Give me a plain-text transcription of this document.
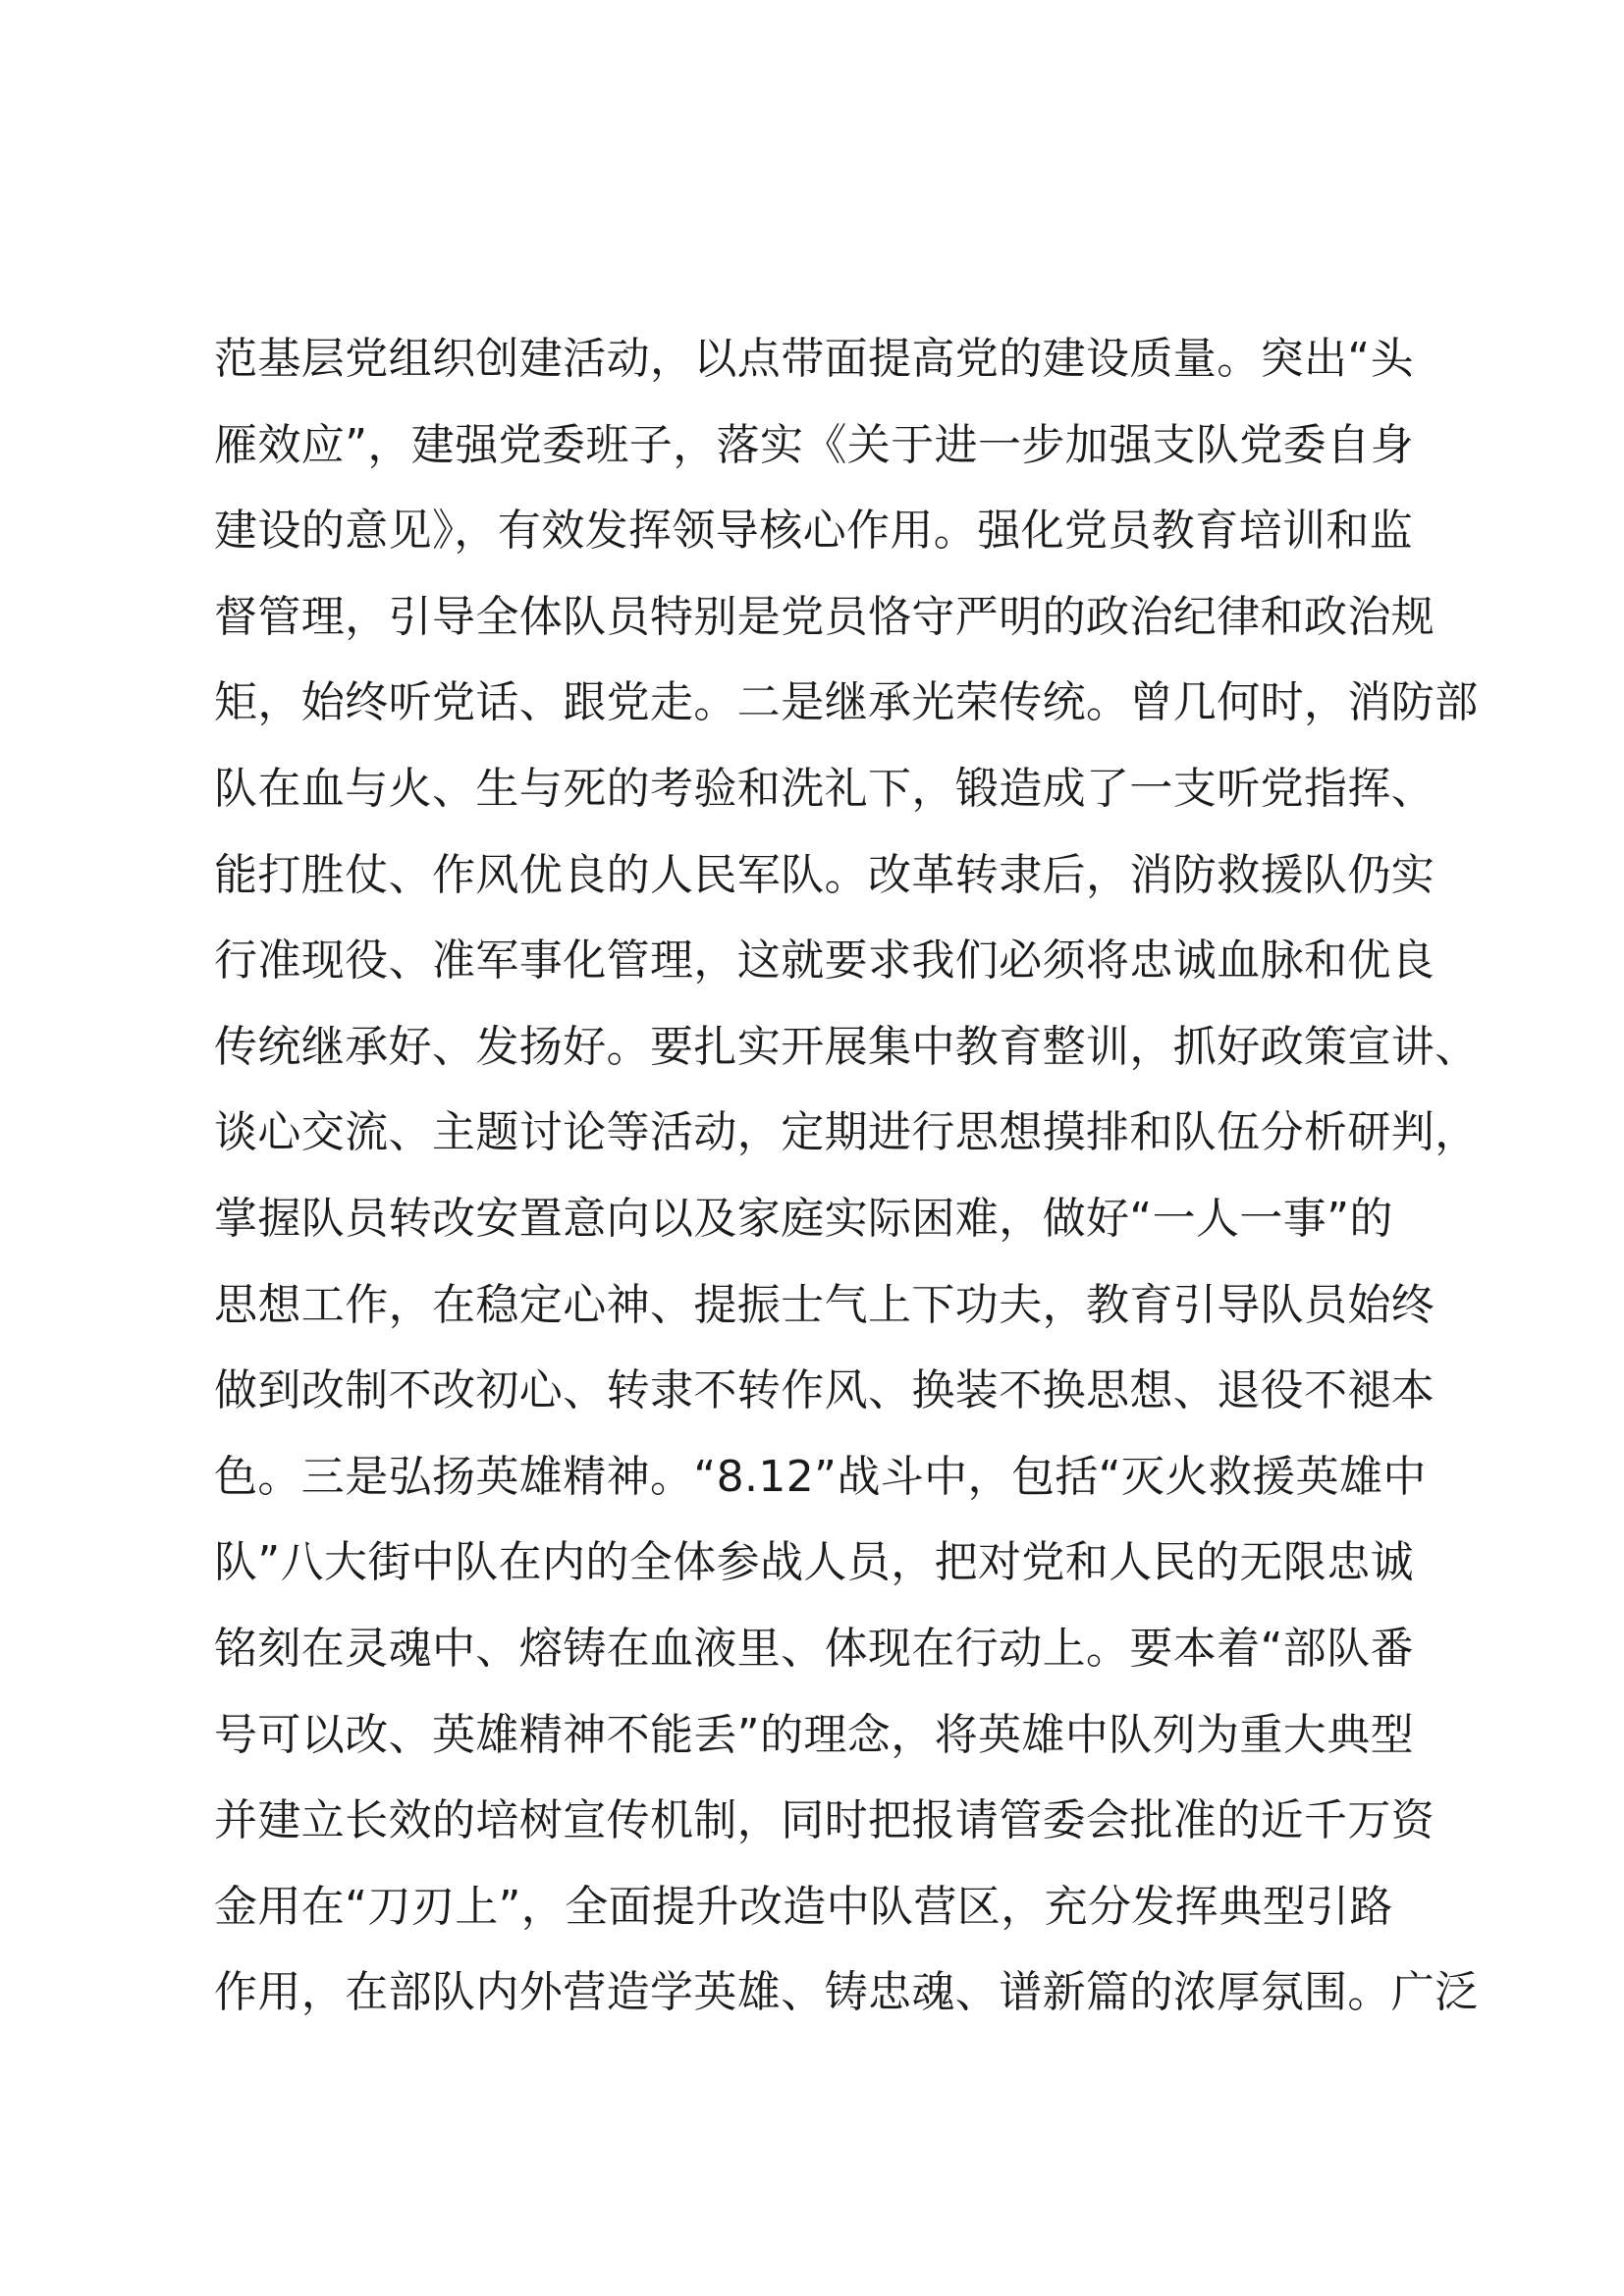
范基层党组织创建活动，以点带面提高党的建设质量。突出“头
雁效应”，建强党委班子，落实《关于进一步加强支队党委自身
建设的意见》，有效发挥领导核心作用。强化党员教育培训和监
督管理，引导全体队员特别是党员恪守严明的政治纪律和政治规
矩，始终听党话、跟党走。二是继承光荣传统。曾几何时，消防部
队在血与火、生与死的考验和洗礼下，锻造成了一支听党指挥、
能打胜仗、作风优良的人民军队。改革转隶后，消防救援队仍实
行准现役、准军事化管理，这就要求我们必须将忠诚血脉和优良
传统继承好、发扬好。要扎实开展集中教育整训，抓好政策宣讲、
谈心交流、主题讨论等活动，定期进行思想摸排和队伍分析研判，
掌握队员转改安置意向以及家庭实际困难，做好“一人一事”的
思想工作，在稳定心神、提振士气上下功夫，教育引导队员始终
做到改制不改初心、转隶不转作风、换装不换思想、退役不褪本
色。三是弘扬英雄精神。“8.12”战斗中，包括“灭火救援英雄中
队”八大街中队在内的全体参战人员，把对党和人民的无限忠诚
铭刻在灵魂中、熔铸在血液里、体现在行动上。要本着“部队番
号可以改、英雄精神不能丢”的理念，将英雄中队列为重大典型
并建立长效的培树宣传机制，同时把报请管委会批准的近千万资
金用在“刀刃上”，全面提升改造中队营区，充分发挥典型引路
作用，在部队内外营造学英雄、铸忠魂、谱新篇的浓厚氛围。广泛
